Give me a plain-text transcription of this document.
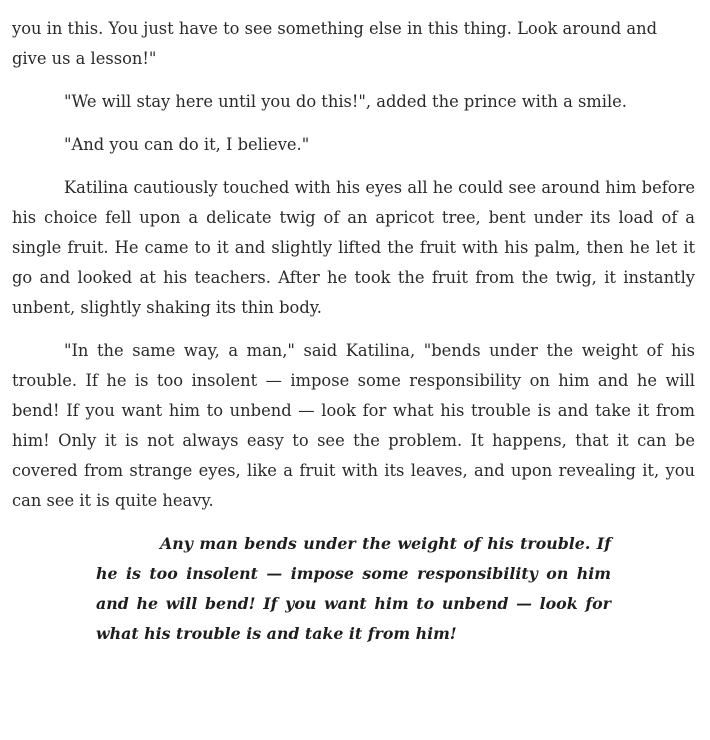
you in this. You just have to see something else in this thing. Look around and give us a lesson!"

"We will stay here until you do this!", added the prince with a smile.

"And you can do it, I believe."

Katilina cautiously touched with his eyes all he could see around him before his choice fell upon a delicate twig of an apricot tree, bent under its load of a single fruit. He came to it and slightly lifted the fruit with his palm, then he let it go and looked at his teachers. After he took the fruit from the twig, it instantly unbent, slightly shaking its thin body.

"In the same way, a man," said Katilina, "bends under the weight of his trouble. If he is too insolent — impose some responsibility on him and he will bend! If you want him to unbend — look for what his trouble is and take it from him! Only it is not always easy to see the problem. It happens, that it can be covered from strange eyes, like a fruit with its leaves, and upon revealing it, you can see it is quite heavy.

Any man bends under the weight of his trouble. If he is too insolent — impose some responsibility on him and he will bend! If you want him to unbend — look for what his trouble is and take it from him!
